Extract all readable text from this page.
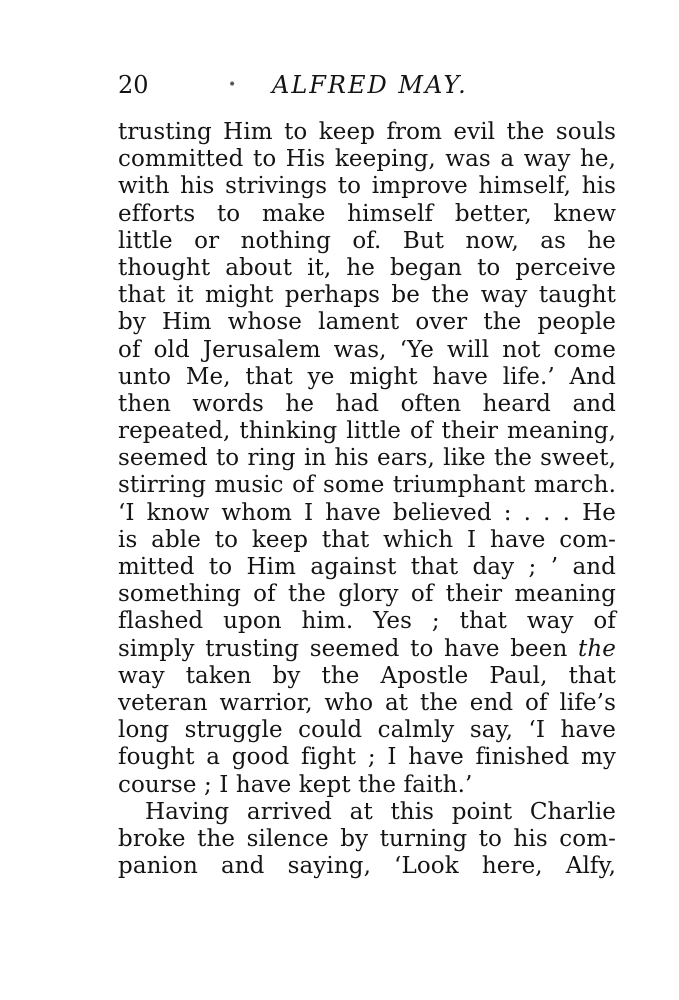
20	• ALFRED MAY.
trusting Him to keep from evil the souls
committed to His keeping, was a way he,
with his strivings to improve himself, his
efforts to make himself better, knew
little or nothing of. But now, as he
thought about it, he began to perceive
that it might perhaps be the way taught
by Him whose lament over the people
of old Jerusalem was, ‘Ye will not come
unto Me, that ye might have life.’ And
then words he had often heard and
repeated, thinking little of their meaning,
seemed to ring in his ears, like the sweet,
stirring music of some triumphant march.
‘I know whom I have believed : . . . He
is able to keep that which I have com-
mitted to Him against that day ; ’ and
something of the glory of their meaning
flashed upon him. Yes ; that way of
simply trusting seemed to have been the
way taken by the Apostle Paul, that
veteran warrior, who at the end of life’s
long struggle could calmly say, ‘I have
fought a good fight ; I have finished my
course ; I have kept the faith.’
Having arrived at this point Charlie
broke the silence by turning to his com-
panion and saying, ‘Look here, Alfy,
